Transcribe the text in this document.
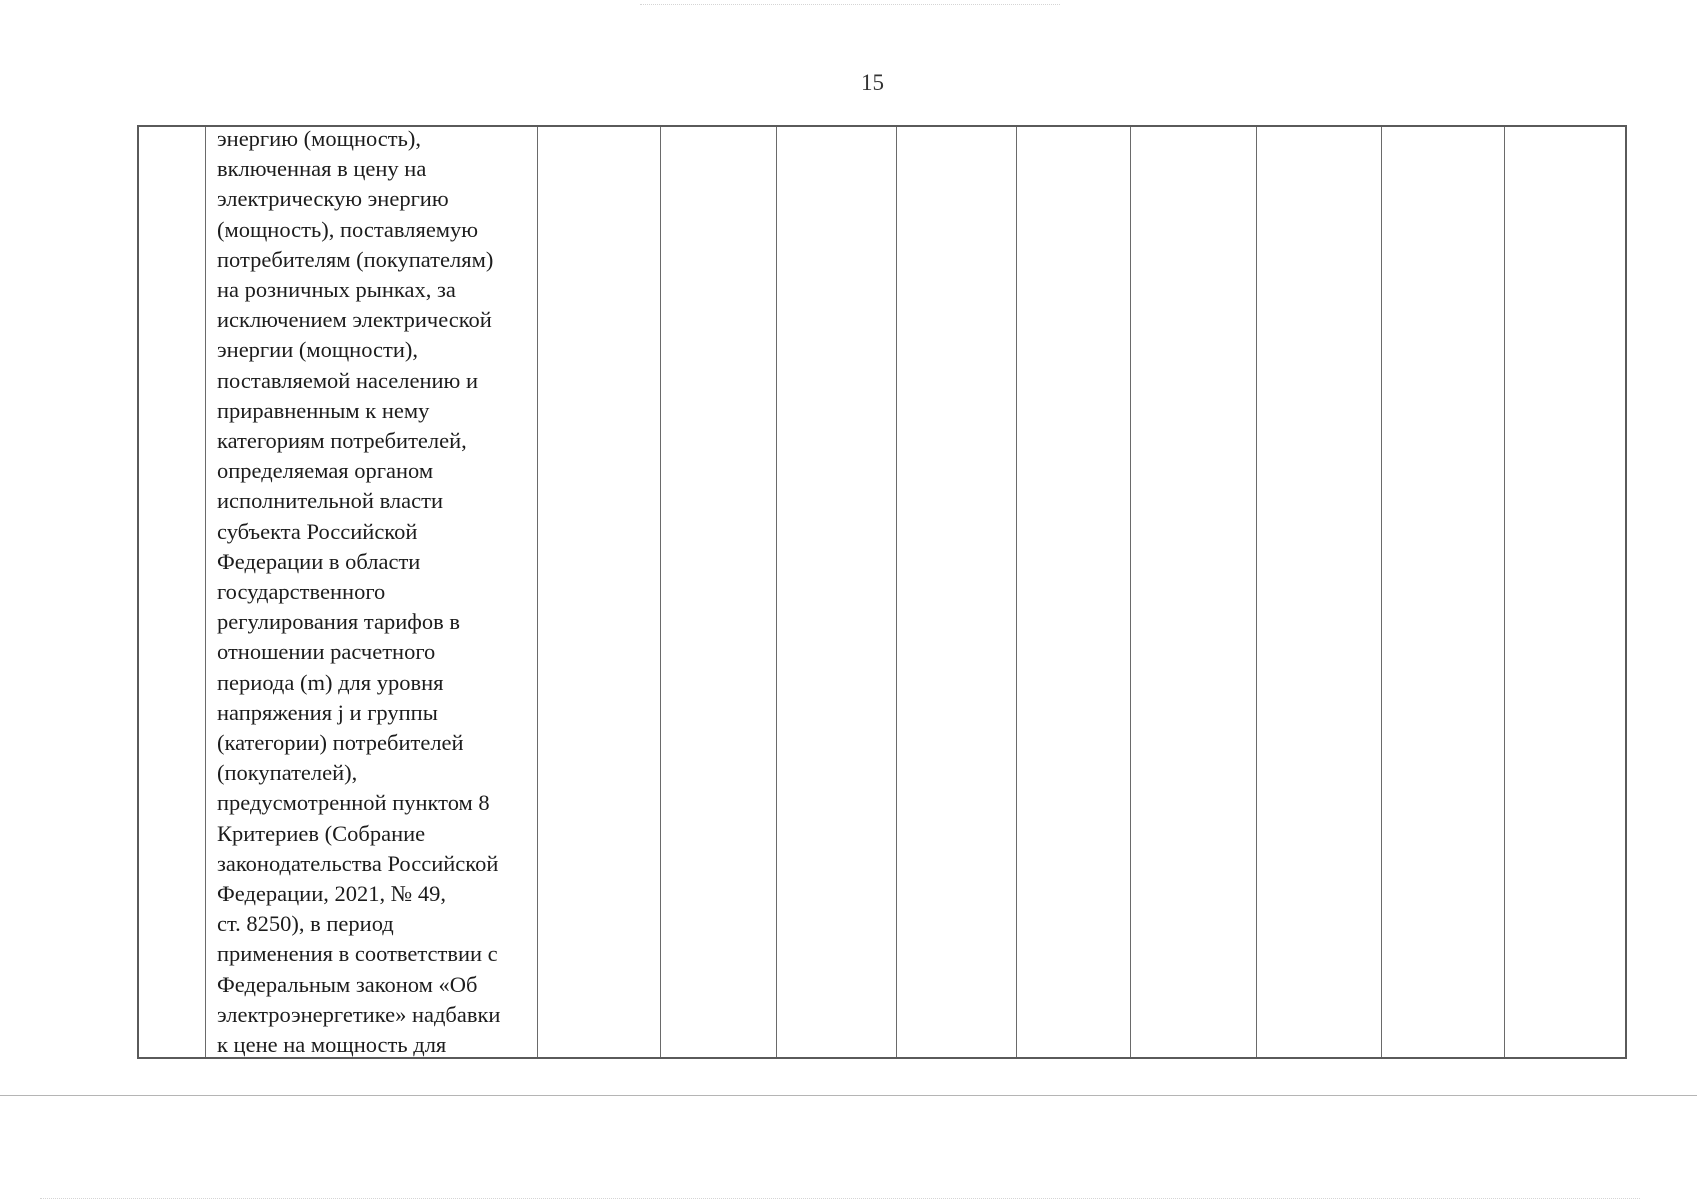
15

энергию (мощность),
включенная в цену на
электрическую энергию
(мощность), поставляемую
потребителям (покупателям)
на розничных рынках, за
исключением электрической
энергии (мощности),
поставляемой населению и
приравненным к нему
категориям потребителей,
определяемая органом
исполнительной власти
субъекта Российской
Федерации в области
государственного
регулирования тарифов в
отношении расчетного
периода (m) для уровня
напряжения j и группы
(категории) потребителей
(покупателей),
предусмотренной пунктом 8
Критериев (Собрание
законодательства Российской
Федерации, 2021, № 49,
ст. 8250), в период
применения в соответствии с
Федеральным законом «Об
электроэнергетике» надбавки
к цене на мощность для
